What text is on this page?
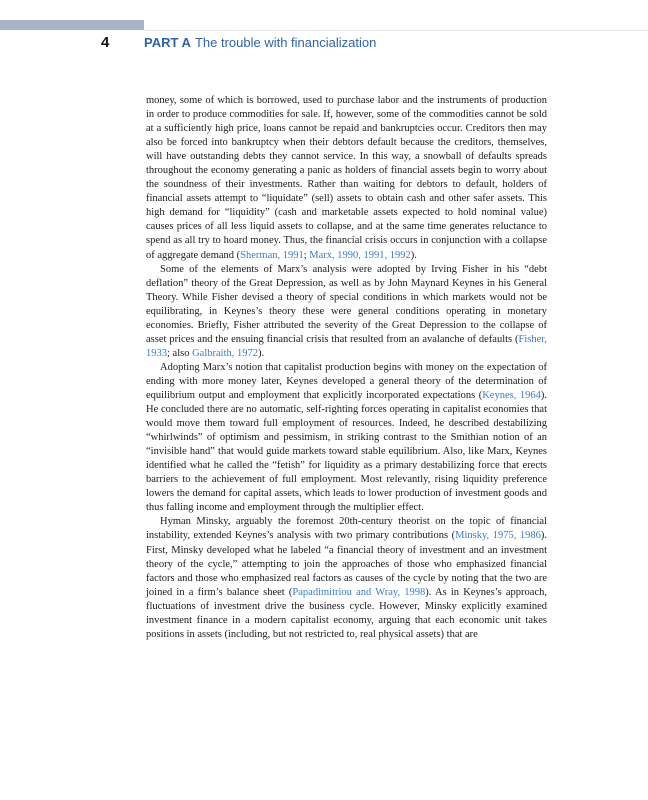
4	PART A The trouble with financialization

money, some of which is borrowed, used to purchase labor and the instruments of production in order to produce commodities for sale. If, however, some of the commodities cannot be sold at a sufficiently high price, loans cannot be repaid and bankruptcies occur. Creditors then may also be forced into bankruptcy when their debtors default because the creditors, themselves, will have outstanding debts they cannot service. In this way, a snowball of defaults spreads throughout the economy generating a panic as holders of financial assets begin to worry about the soundness of their investments. Rather than waiting for debtors to default, holders of financial assets attempt to “liquidate” (sell) assets to obtain cash and other safer assets. This high demand for “liquidity” (cash and marketable assets expected to hold nominal value) causes prices of all less liquid assets to collapse, and at the same time generates reluctance to spend as all try to hoard money. Thus, the financial crisis occurs in conjunction with a collapse of aggregate demand (Sherman, 1991; Marx, 1990, 1991, 1992).

Some of the elements of Marx’s analysis were adopted by Irving Fisher in his “debt deflation” theory of the Great Depression, as well as by John Maynard Keynes in his General Theory. While Fisher devised a theory of special conditions in which markets would not be equilibrating, in Keynes’s theory these were general conditions operating in monetary economies. Briefly, Fisher attributed the severity of the Great Depression to the collapse of asset prices and the ensuing financial crisis that resulted from an avalanche of defaults (Fisher, 1933; also Galbraith, 1972).

Adopting Marx’s notion that capitalist production begins with money on the expectation of ending with more money later, Keynes developed a general theory of the determination of equilibrium output and employment that explicitly incorporated expectations (Keynes, 1964). He concluded there are no automatic, self-righting forces operating in capitalist economies that would move them toward full employment of resources. Indeed, he described destabilizing “whirlwinds” of optimism and pessimism, in striking contrast to the Smithian notion of an “invisible hand” that would guide markets toward stable equilibrium. Also, like Marx, Keynes identified what he called the “fetish” for liquidity as a primary destabilizing force that erects barriers to the achievement of full employment. Most relevantly, rising liquidity preference lowers the demand for capital assets, which leads to lower production of investment goods and thus falling income and employment through the multiplier effect.

Hyman Minsky, arguably the foremost 20th-century theorist on the topic of financial instability, extended Keynes’s analysis with two primary contributions (Minsky, 1975, 1986). First, Minsky developed what he labeled “a financial theory of investment and an investment theory of the cycle,” attempting to join the approaches of those who emphasized financial factors and those who emphasized real factors as causes of the cycle by noting that the two are joined in a firm’s balance sheet (Papadimitriou and Wray, 1998). As in Keynes’s approach, fluctuations of investment drive the business cycle. However, Minsky explicitly examined investment finance in a modern capitalist economy, arguing that each economic unit takes positions in assets (including, but not restricted to, real physical assets) that are
